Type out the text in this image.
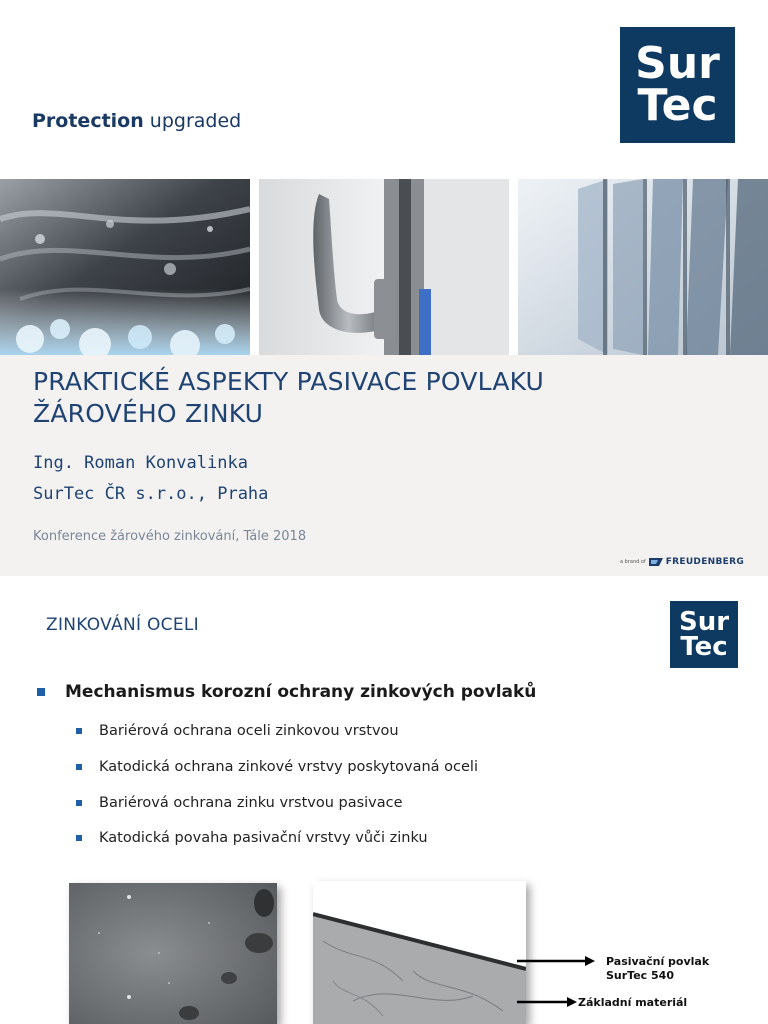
Protection upgraded
Sur
Tec
PRAKTICKÉ ASPEKTY PASIVACE POVLAKU
ŽÁROVÉHO ZINKU
Ing. Roman Konvalinka
SurTec ČR s.r.o., Praha
Konference žárového zinkování, Tále 2018
a brand of FREUDENBERG
ZINKOVÁNÍ OCELI	Sur
Tec
Mechanismus korozní ochrany zinkových povlaků
Bariérová ochrana oceli zinkovou vrstvou
Katodická ochrana zinkové vrstvy poskytovaná oceli
Bariérová ochrana zinku vrstvou pasivace
Katodická povaha pasivační vrstvy vůči zinku
Pasivační povlak
SurTec 540
Základní materiál
